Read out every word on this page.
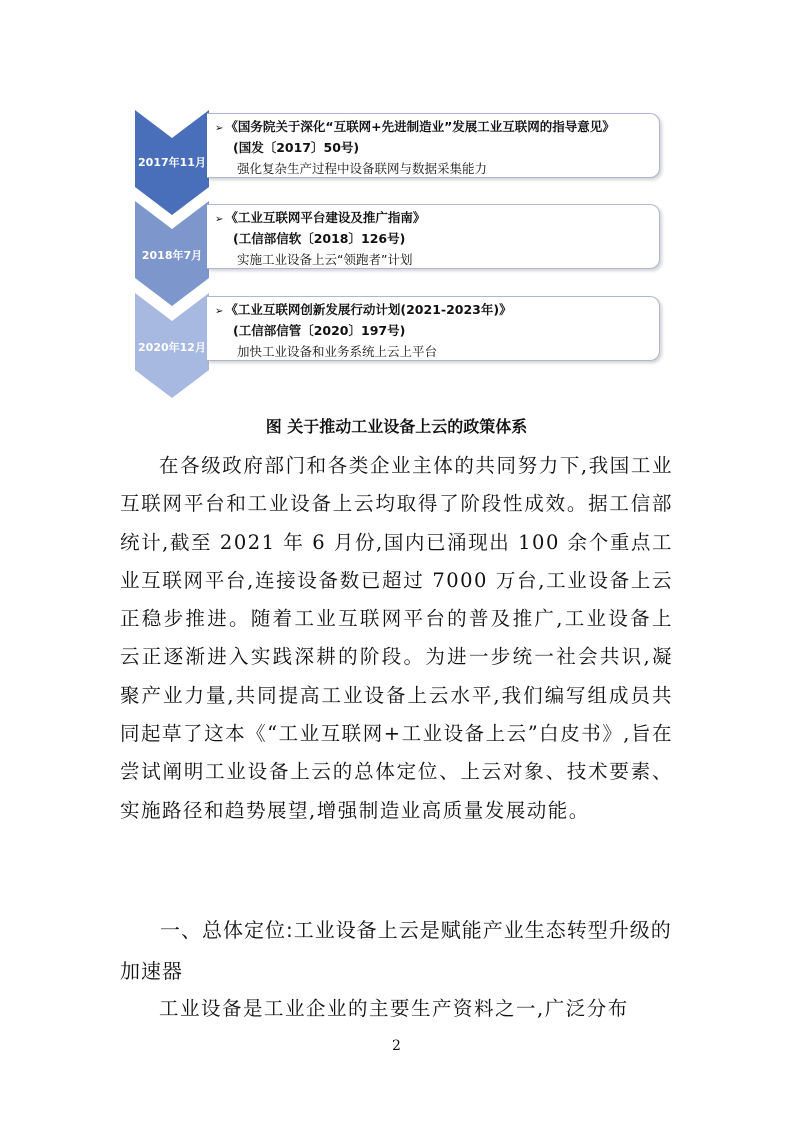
2017年11月
➢ 《国务院关于深化“互联网+先进制造业”发展工业互联网的指导意见》
(国发〔2017〕50号)
强化复杂生产过程中设备联网与数据采集能力
2018年7月
➢ 《工业互联网平台建设及推广指南》
(工信部信软〔2018〕126号)
实施工业设备上云“领跑者”计划
2020年12月
➢ 《工业互联网创新发展行动计划(2021-2023年)》
(工信部信管〔2020〕197号)
加快工业设备和业务系统上云上平台
图 关于推动工业设备上云的政策体系
在各级政府部门和各类企业主体的共同努力下,我国工业互联网平台和工业设备上云均取得了阶段性成效。据工信部统计,截至 2021 年 6 月份,国内已涌现出 100 余个重点工业互联网平台,连接设备数已超过 7000 万台,工业设备上云正稳步推进。随着工业互联网平台的普及推广,工业设备上云正逐渐进入实践深耕的阶段。为进一步统一社会共识,凝聚产业力量,共同提高工业设备上云水平,我们编写组成员共同起草了这本《“工业互联网+工业设备上云”白皮书》,旨在尝试阐明工业设备上云的总体定位、上云对象、技术要素、实施路径和趋势展望,增强制造业高质量发展动能。
一、总体定位:工业设备上云是赋能产业生态转型升级的加速器
工业设备是工业企业的主要生产资料之一,广泛分布
2
